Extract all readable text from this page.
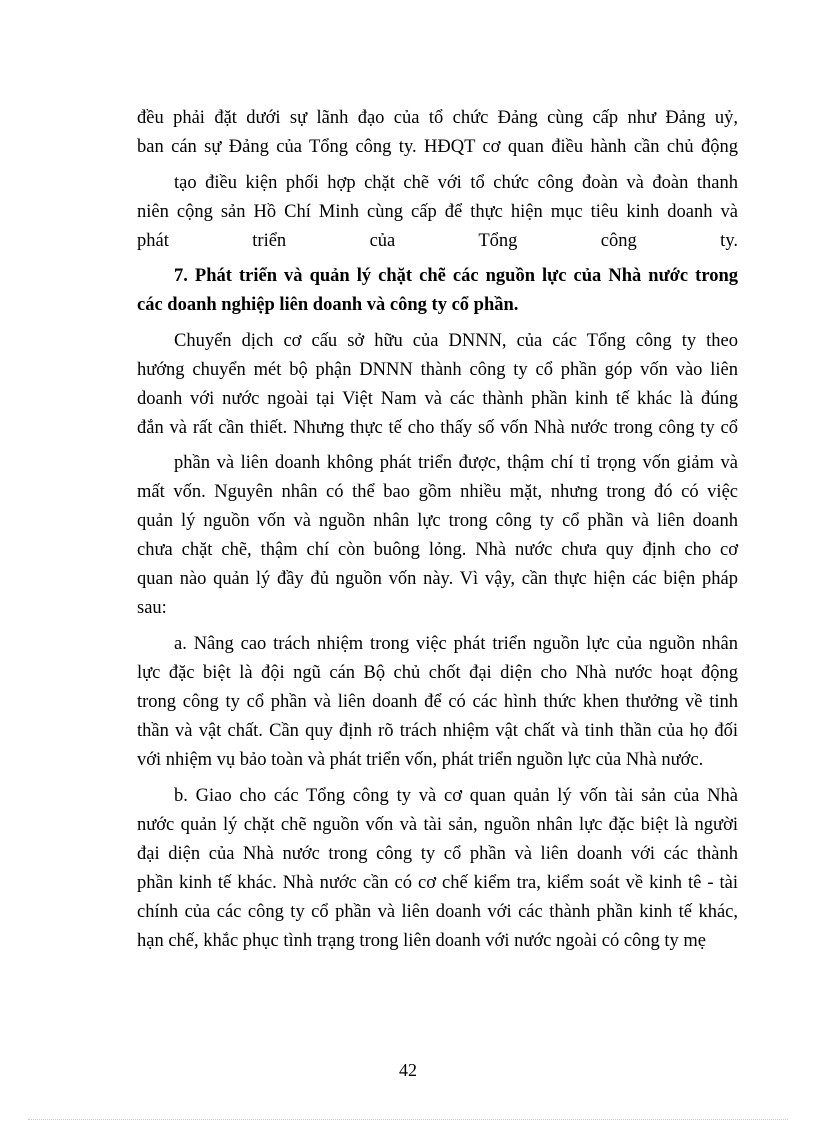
đều phải đặt dưới sự lãnh đạo của tổ chức Đảng cùng cấp như Đảng uỷ,
ban cán sự Đảng của Tổng công ty. HĐQT cơ quan điều hành cần chủ động
tạo điều kiện phối hợp chặt chẽ với tổ chức công đoàn và đoàn thanh
niên cộng sản Hồ Chí Minh cùng cấp để thực hiện mục tiêu kinh doanh và
phát triển của Tổng công ty.
7. Phát triển và quản lý chặt chẽ các nguồn lực của Nhà nước trong
các doanh nghiệp liên doanh và công ty cổ phần.
Chuyển dịch cơ cấu sở hữu của DNNN, của các Tổng công ty theo
hướng chuyển mét bộ phận DNNN thành công ty cổ phần góp vốn vào liên
doanh với nước ngoài tại Việt Nam và các thành phần kinh tế khác là đúng
đắn và rất cần thiết. Nhưng thực tế cho thấy số vốn Nhà nước trong công ty cổ
phần và liên doanh không phát triển được, thậm chí tỉ trọng vốn giảm và
mất vốn. Nguyên nhân có thể bao gồm nhiều mặt, nhưng trong đó có việc
quản lý nguồn vốn và nguồn nhân lực trong công ty cổ phần và liên doanh
chưa chặt chẽ, thậm chí còn buông lỏng. Nhà nước chưa quy định cho cơ
quan nào quản lý đầy đủ nguồn vốn này. Vì vậy, cần thực hiện các biện pháp
sau:
a. Nâng cao trách nhiệm trong việc phát triển nguồn lực của nguồn nhân
lực đặc biệt là đội ngũ cán Bộ chủ chốt đại diện cho Nhà nước hoạt động
trong công ty cổ phần và liên doanh để có các hình thức khen thưởng về tinh
thần và vật chất. Cần quy định rõ trách nhiệm vật chất và tinh thần của họ đối
với nhiệm vụ bảo toàn và phát triển vốn, phát triển nguồn lực của Nhà nước.
b. Giao cho các Tổng công ty và cơ quan quản lý vốn tài sản của Nhà
nước quản lý chặt chẽ nguồn vốn và tài sản, nguồn nhân lực đặc biệt là người
đại diện của Nhà nước trong công ty cổ phần và liên doanh với các thành
phần kinh tế khác. Nhà nước cần có cơ chế kiểm tra, kiểm soát về kinh tê - tài
chính của các công ty cổ phần và liên doanh với các thành phần kinh tế khác,
hạn chế, khắc phục tình trạng trong liên doanh với nước ngoài có công ty mẹ
42
